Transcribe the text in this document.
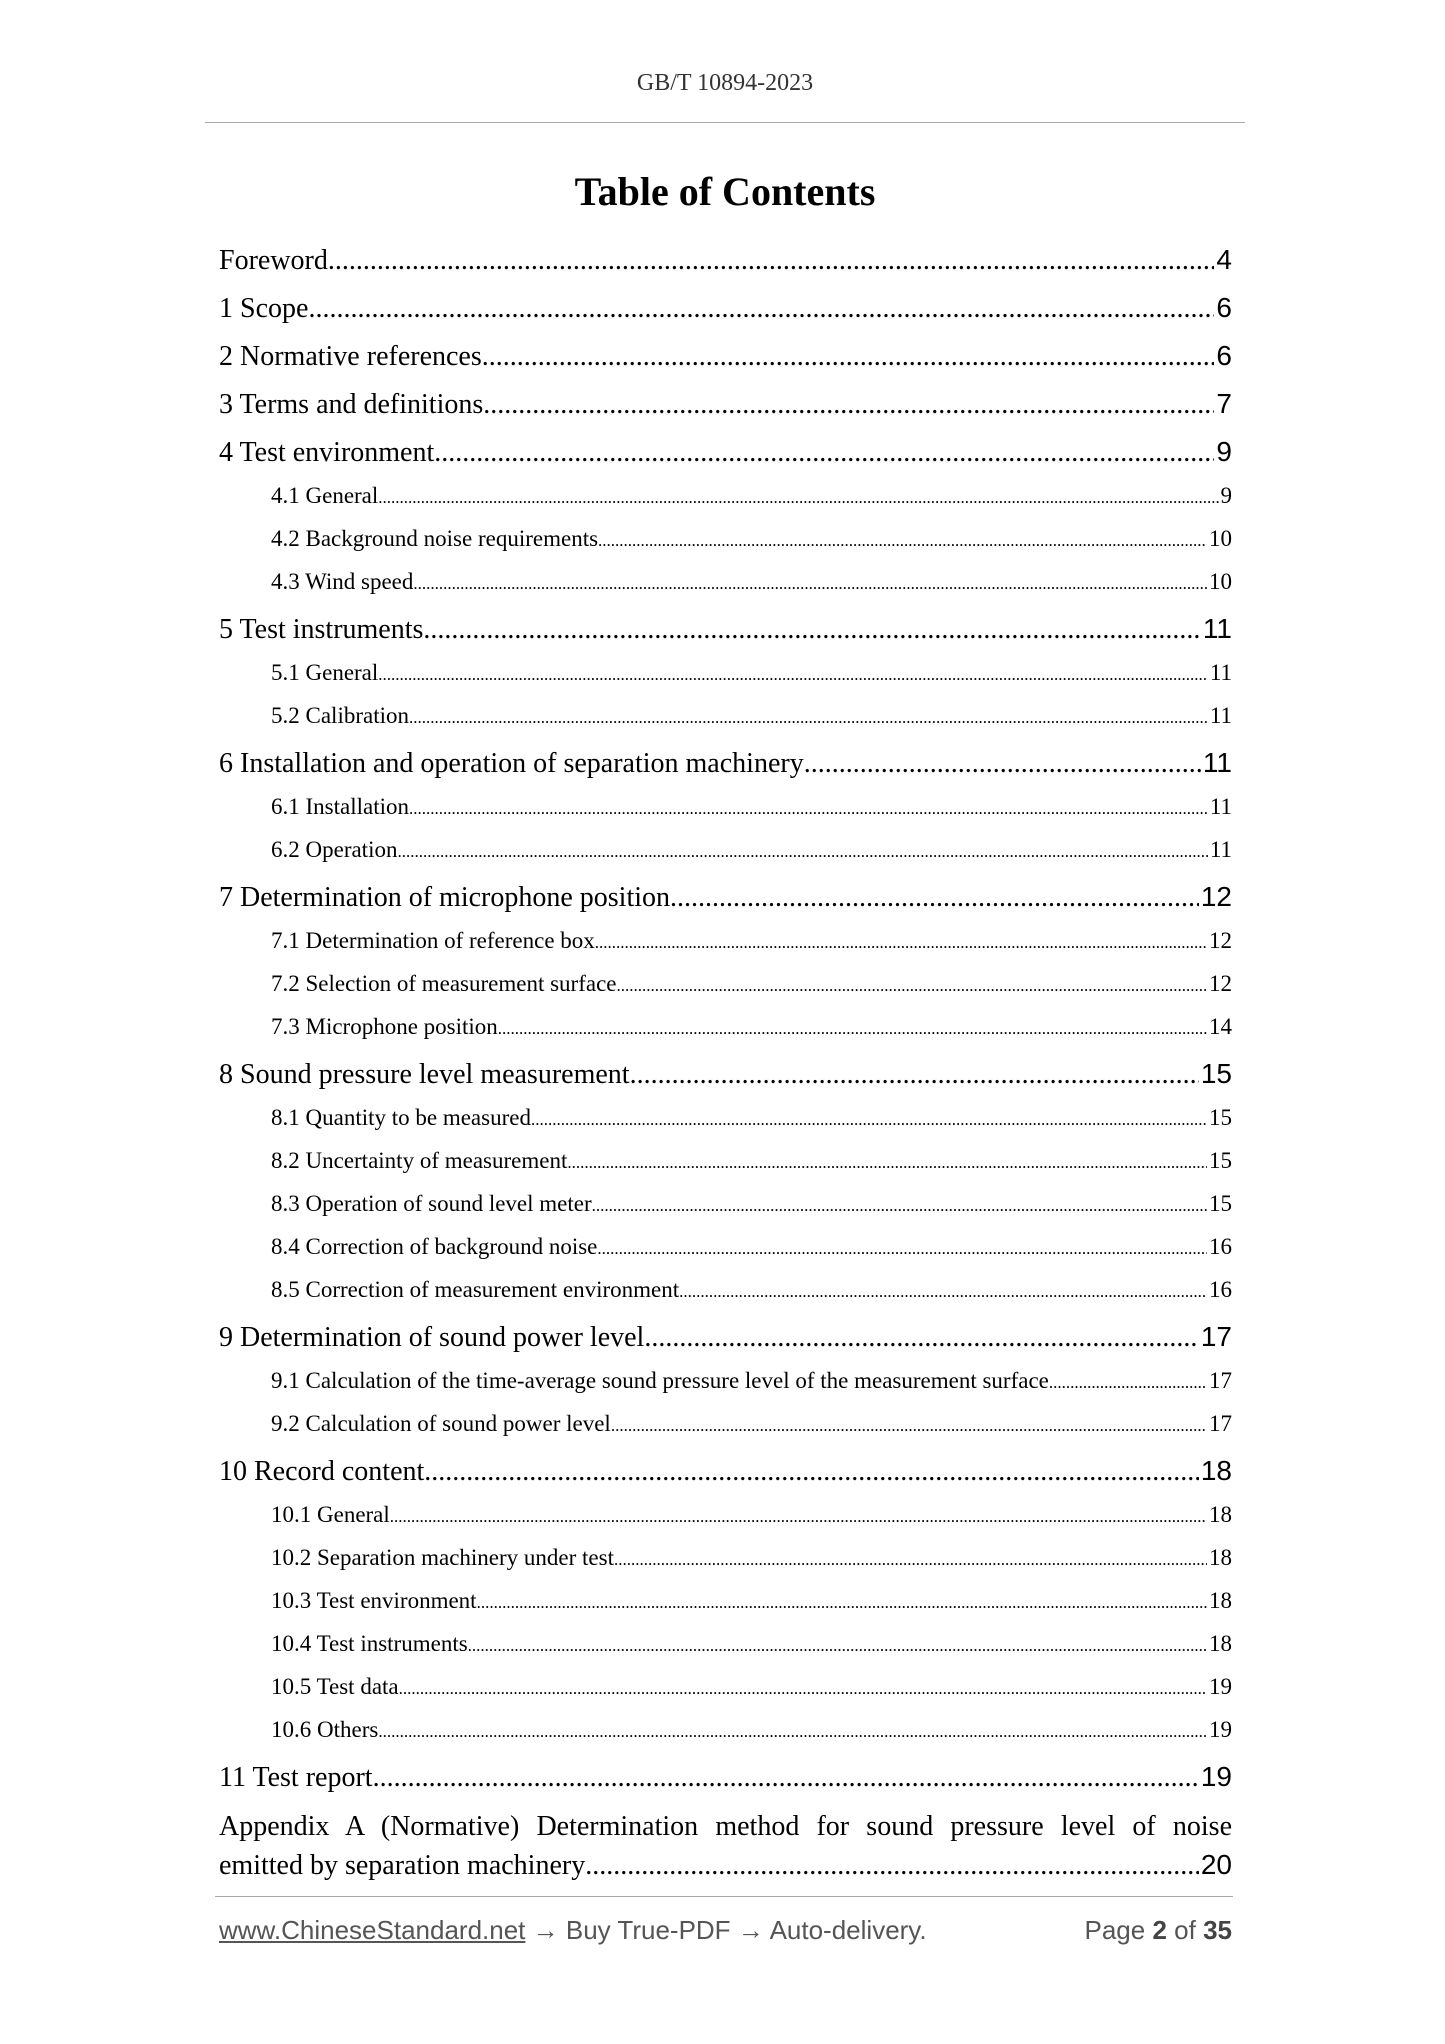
GB/T 10894-2023
Table of Contents
Foreword .....	4
1 Scope .....	6
2 Normative references .....	6
3 Terms and definitions .....	7
4 Test environment .....	9
4.1 General .....	9
4.2 Background noise requirements .....	10
4.3 Wind speed .....	10
5 Test instruments .....	11
5.1 General .....	11
5.2 Calibration .....	11
6 Installation and operation of separation machinery .....	11
6.1 Installation .....	11
6.2 Operation .....	11
7 Determination of microphone position .....	12
7.1 Determination of reference box .....	12
7.2 Selection of measurement surface .....	12
7.3 Microphone position .....	14
8 Sound pressure level measurement .....	15
8.1 Quantity to be measured .....	15
8.2 Uncertainty of measurement .....	15
8.3 Operation of sound level meter .....	15
8.4 Correction of background noise .....	16
8.5 Correction of measurement environment .....	16
9 Determination of sound power level .....	17
9.1 Calculation of the time-average sound pressure level of the measurement surface .....	17
9.2 Calculation of sound power level .....	17
10 Record content .....	18
10.1 General .....	18
10.2 Separation machinery under test .....	18
10.3 Test environment .....	18
10.4 Test instruments .....	18
10.5 Test data .....	19
10.6 Others .....	19
11 Test report .....	19
Appendix A (Normative) Determination method for sound pressure level of noise
emitted by separation machinery .....	20
www.ChineseStandard.net → Buy True-PDF → Auto-delivery.	Page 2 of 35
